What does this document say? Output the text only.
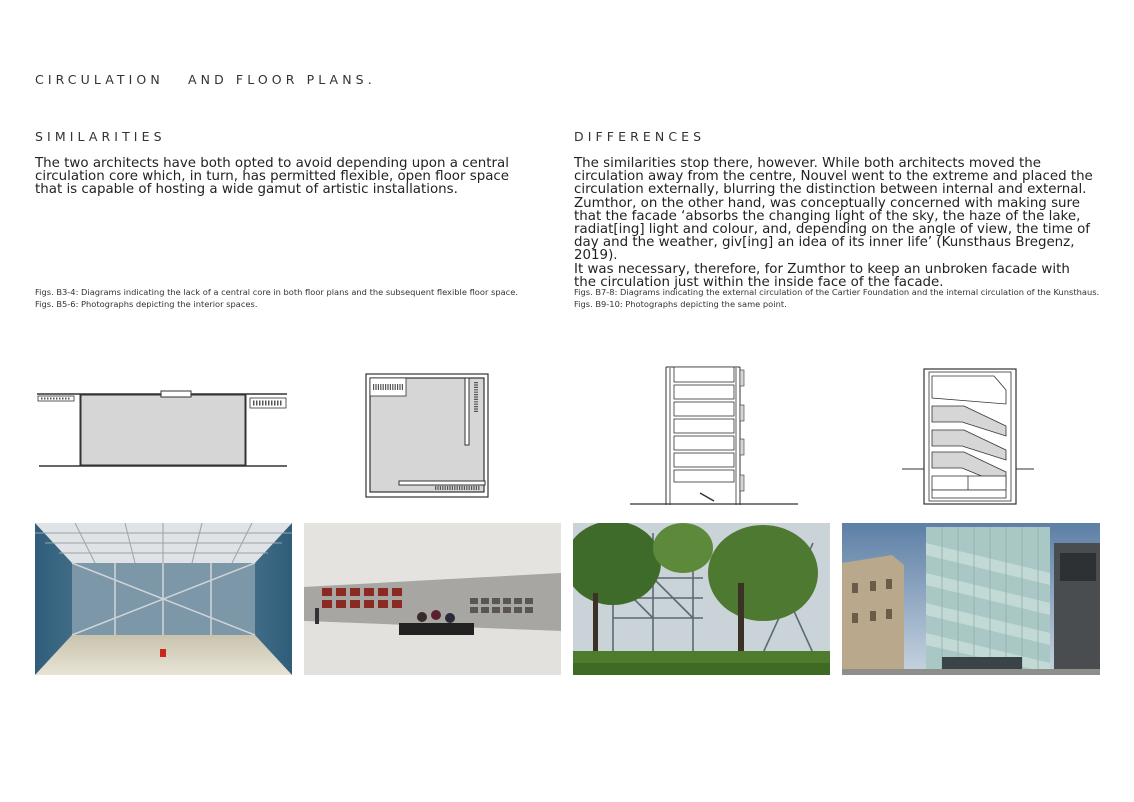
CIRCULATION   AND FLOOR PLANS.
SIMILARITIES
The two architects have both opted to avoid depending upon a central circulation core which, in turn, has permitted flexible, open floor space that is capable of hosting a wide gamut of artistic installations.
Figs. B3-4: Diagrams indicating the lack of a central core in both floor plans and the subsequent flexible floor space.
Figs. B5-6: Photographs depicting the interior spaces.
DIFFERENCES
The similarities stop there, however. While both architects moved the circulation away from the centre, Nouvel went to the extreme and placed the circulation externally, blurring the distinction between internal and external.
Zumthor, on the other hand, was conceptually concerned with making sure that the facade ‘absorbs the changing light of the sky, the haze of the lake, radiat[ing] light and colour, and, depending on the angle of view, the time of day and the weather, giv[ing] an idea of its inner life’ (Kunsthaus Bregenz, 2019).
It was necessary, therefore, for Zumthor to keep an unbroken facade with the circulation just within the inside face of the facade.
Figs. B7-8: Diagrams indicating the external circulation of the Cartier Foundation and the internal circulation of the Kunsthaus.
Figs. B9-10: Photographs depicting the same point.
